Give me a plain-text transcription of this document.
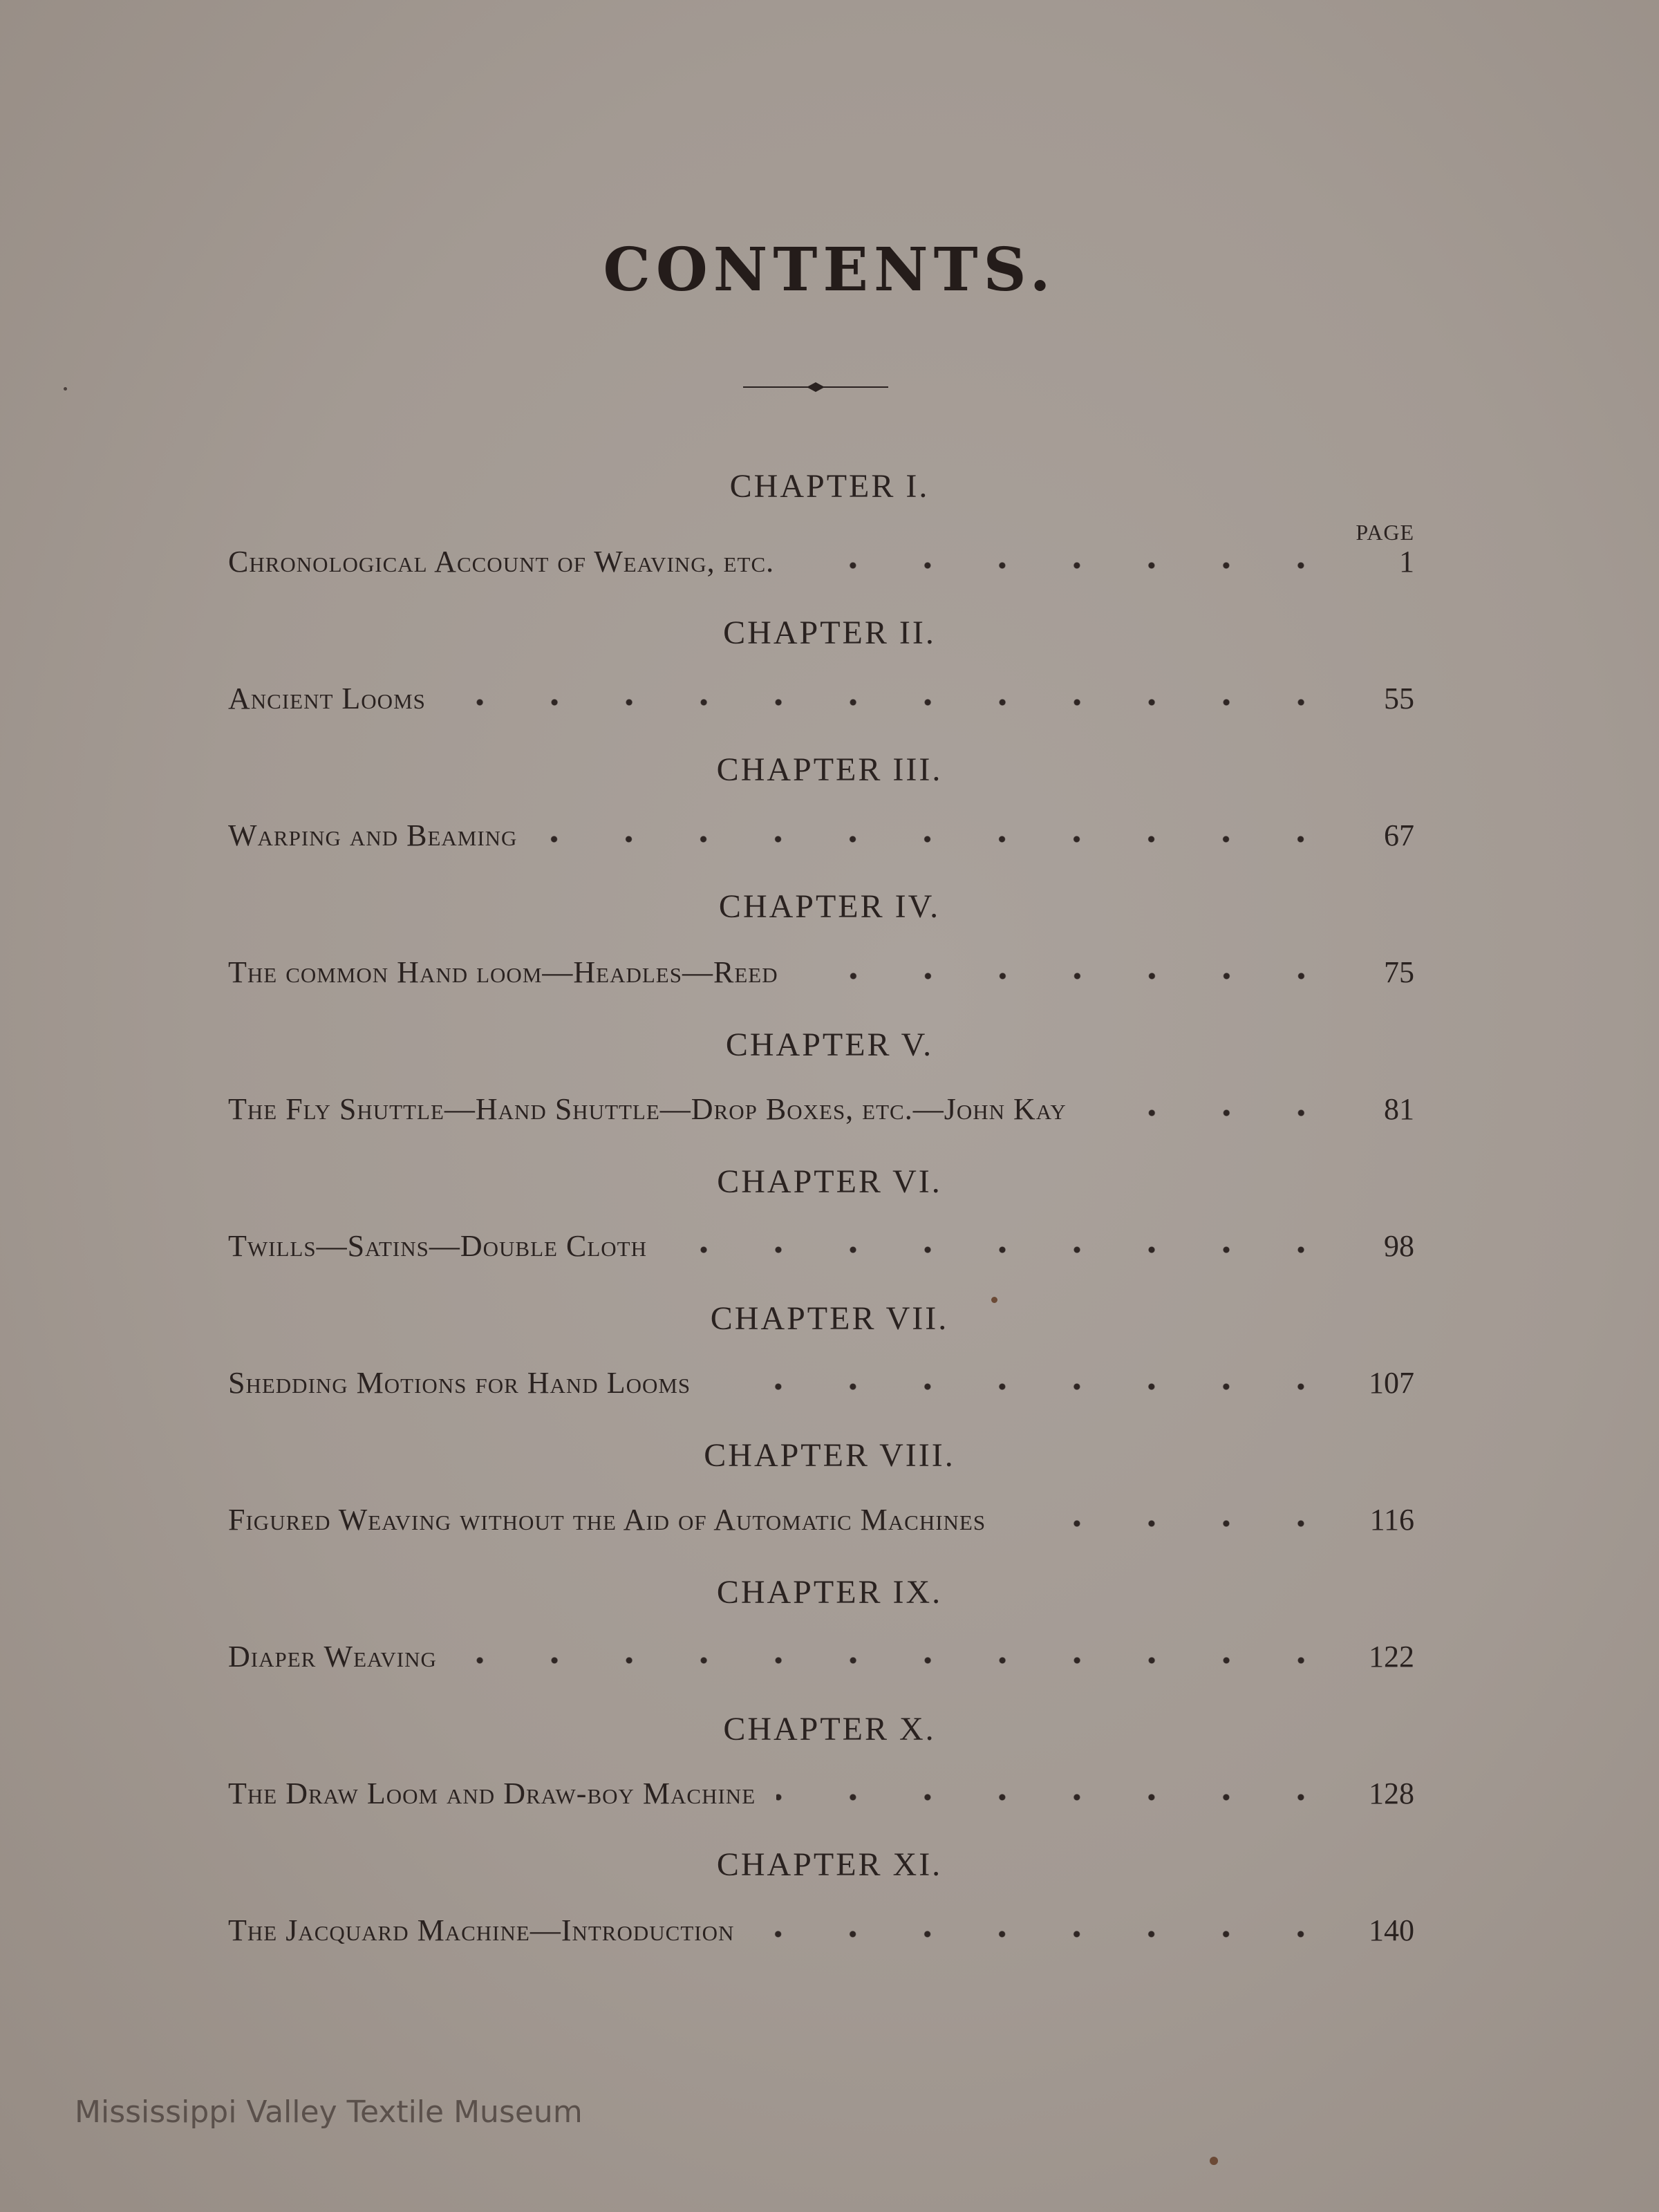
CONTENTS.
PAGE
CHAPTER I.
Chronological Account of Weaving, etc.	1
CHAPTER II.
Ancient Looms	55
CHAPTER III.
Warping and Beaming	67
CHAPTER IV.
The common Hand loom—Headles—Reed	75
CHAPTER V.
The Fly Shuttle—Hand Shuttle—Drop Boxes, etc.—John Kay	81
CHAPTER VI.
Twills—Satins—Double Cloth	98
CHAPTER VII.
Shedding Motions for Hand Looms	107
CHAPTER VIII.
Figured Weaving without the Aid of Automatic Machines	116
CHAPTER IX.
Diaper Weaving	122
CHAPTER X.
The Draw Loom and Draw-boy Machine	128
CHAPTER XI.
The Jacquard Machine—Introduction	140
Mississippi Valley Textile Museum
